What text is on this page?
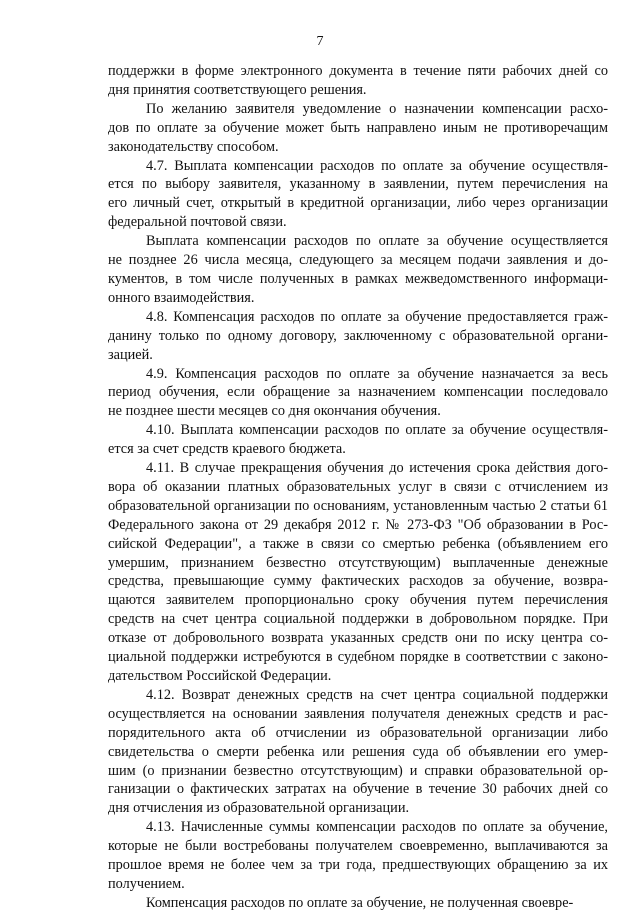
7
поддержки в форме электронного документа в течение пяти рабочих дней со
дня принятия соответствующего решения.
По желанию заявителя уведомление о назначении компенсации расхо-
дов по оплате за обучение может быть направлено иным не противоречащим
законодательству способом.
4.7. Выплата компенсации расходов по оплате за обучение осуществля-
ется по выбору заявителя, указанному в заявлении, путем перечисления на
его личный счет, открытый в кредитной организации, либо через организации
федеральной почтовой связи.
Выплата компенсации расходов по оплате за обучение осуществляется
не позднее 26 числа месяца, следующего за месяцем подачи заявления и до-
кументов, в том числе полученных в рамках межведомственного информаци-
онного взаимодействия.
4.8. Компенсация расходов по оплате за обучение предоставляется граж-
данину только по одному договору, заключенному с образовательной органи-
зацией.
4.9. Компенсация расходов по оплате за обучение назначается за весь
период обучения, если обращение за назначением компенсации последовало
не позднее шести месяцев со дня окончания обучения.
4.10. Выплата компенсации расходов по оплате за обучение осуществля-
ется за счет средств краевого бюджета.
4.11. В случае прекращения обучения до истечения срока действия дого-
вора об оказании платных образовательных услуг в связи с отчислением из
образовательной организации по основаниям, установленным частью 2 статьи 61
Федерального закона от 29 декабря 2012 г. № 273-ФЗ "Об образовании в Рос-
сийской Федерации", а также в связи со смертью ребенка (объявлением его
умершим, признанием безвестно отсутствующим) выплаченные денежные
средства, превышающие сумму фактических расходов за обучение, возвра-
щаются заявителем пропорционально сроку обучения путем перечисления
средств на счет центра социальной поддержки в добровольном порядке. При
отказе от добровольного возврата указанных средств они по иску центра со-
циальной поддержки истребуются в судебном порядке в соответствии с законо-
дательством Российской Федерации.
4.12. Возврат денежных средств на счет центра социальной поддержки
осуществляется на основании заявления получателя денежных средств и рас-
порядительного акта об отчислении из образовательной организации либо
свидетельства о смерти ребенка или решения суда об объявлении его умер-
шим (о признании безвестно отсутствующим) и справки образовательной ор-
ганизации о фактических затратах на обучение в течение 30 рабочих дней со
дня отчисления из образовательной организации.
4.13. Начисленные суммы компенсации расходов по оплате за обучение,
которые не были востребованы получателем своевременно, выплачиваются за
прошлое время не более чем за три года, предшествующих обращению за их
получением.
Компенсация расходов по оплате за обучение, не полученная своевре-
